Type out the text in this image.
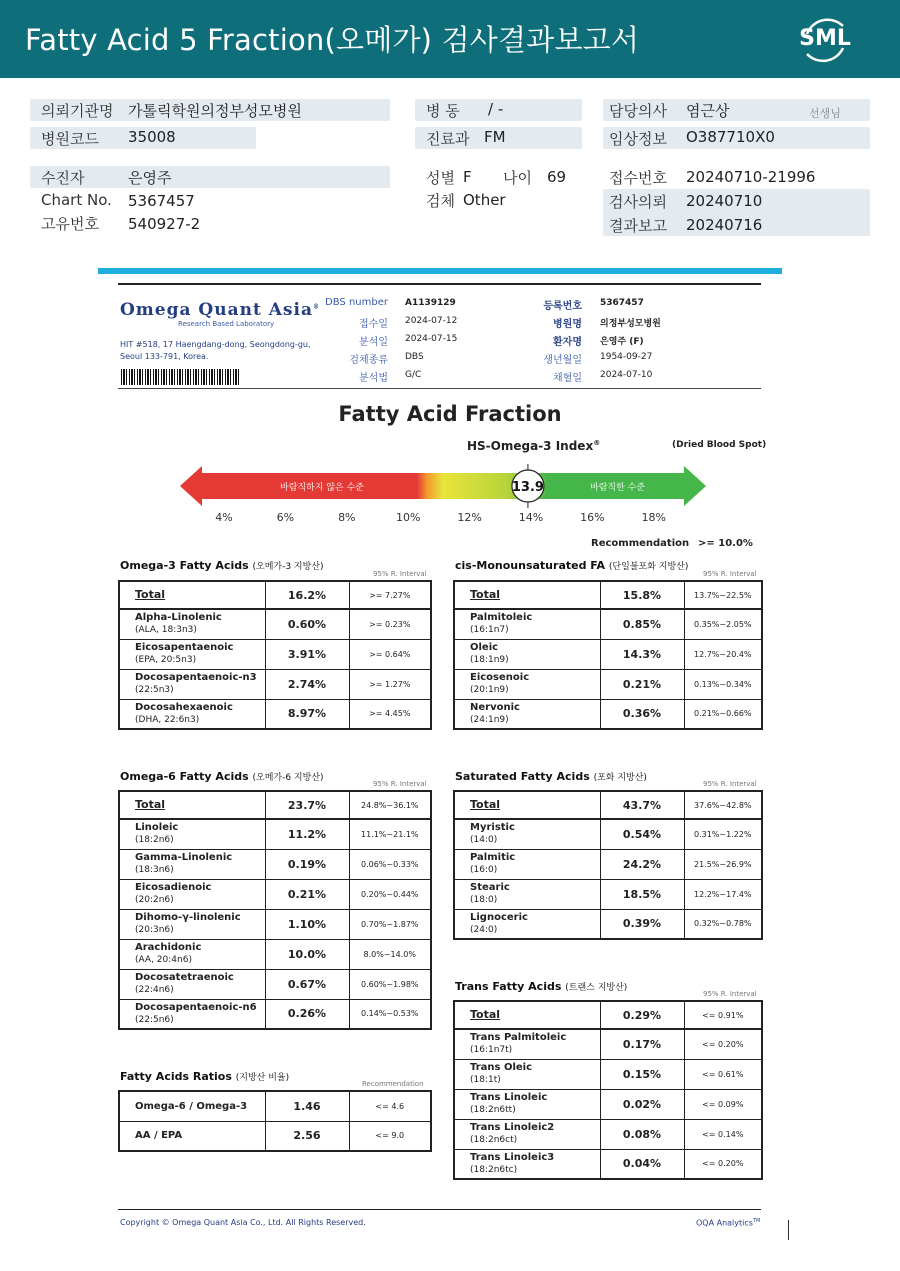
Fatty Acid 5 Fraction(오메가) 검사결과보고서	SML
의뢰기관명 가톨릭학원의정부성모병원
병원코드 35008
병 동 / -
진료과 FM
담당의사 염근상	선생님
임상정보 O387710X0
수진자	은영주
Chart No. 5367457
고유번호 540927-2
성별 F 나이 69
검체 Other
접수번호 20240710-21996
검사의뢰 20240710
결과보고 20240716
Omega Quant Asia®
Research Based Laboratory
HIT #518, 17 Haengdang-dong, Seongdong-gu, Seoul 133-791, Korea.
DBS number A1139129
접수일 2024-07-12
분석일 2024-07-15
검체종류 DBS
분석법 G/C
등록번호 5367457
병원명 의정부성모병원
환자명 은영주 (F)
생년월일 1954-09-27
채혈일 2024-07-10
Fatty Acid Fraction
HS-Omega-3 Index®	(Dried Blood Spot)
바람직하지 않은 수준	바람직한 수준
13.9
4%	6%	8%	10%	12%	14%	16%	18%
Recommendation >= 10.0%
Omega-3 Fatty Acids (오메가-3 지방산)
95% R. Interval
cis-Monounsaturated FA (단일불포화 지방산)
95% R. Interval
Omega-6 Fatty Acids (오메가-6 지방산)
95% R. Interval
Saturated Fatty Acids (포화 지방산)
95% R. Interval
Trans Fatty Acids (트랜스 지방산)
95% R. Interval
Fatty Acids Ratios (지방산 비율)
Recommendation
Total	16.2%	>= 7.27%

Alpha-Linolenic
(ALA, 18:3n3)	0.60%	>= 0.23%

Eicosapentaenoic
(EPA, 20:5n3)	3.91%	>= 0.64%

Docosapentaenoic-n3
(22:5n3)	2.74%	>= 1.27%

Docosahexaenoic
(DHA, 22:6n3)	8.97%	>= 4.45%
Total	15.8%	13.7%~22.5%

Palmitoleic
(16:1n7)	0.85%	0.35%~2.05%

Oleic
(18:1n9)	14.3%	12.7%~20.4%

Eicosenoic
(20:1n9)	0.21%	0.13%~0.34%

Nervonic
(24:1n9)	0.36%	0.21%~0.66%
Total	23.7%	24.8%~36.1%

Linoleic
(18:2n6)	11.2%	11.1%~21.1%

Gamma-Linolenic
(18:3n6)	0.19%	0.06%~0.33%

Eicosadienoic
(20:2n6)	0.21%	0.20%~0.44%

Dihomo-γ-linolenic
(20:3n6)	1.10%	0.70%~1.87%

Arachidonic
(AA, 20:4n6)	10.0%	8.0%~14.0%

Docosatetraenoic
(22:4n6)	0.67%	0.60%~1.98%

Docosapentaenoic-n6
(22:5n6)	0.26%	0.14%~0.53%
Total	43.7%	37.6%~42.8%

Myristic
(14:0)	0.54%	0.31%~1.22%

Palmitic
(16:0)	24.2%	21.5%~26.9%

Stearic
(18:0)	18.5%	12.2%~17.4%

Lignoceric
(24:0)	0.39%	0.32%~0.78%
Total	0.29%	<= 0.91%

Trans Palmitoleic
(16:1n7t)	0.17%	<= 0.20%

Trans Oleic
(18:1t)	0.15%	<= 0.61%

Trans Linoleic
(18:2n6tt)	0.02%	<= 0.09%

Trans Linoleic2
(18:2n6ct)	0.08%	<= 0.14%

Trans Linoleic3
(18:2n6tc)	0.04%	<= 0.20%
Omega-6 / Omega-3	1.46	<= 4.6

AA / EPA	2.56	<= 9.0
Copyright © Omega Quant Asia Co., Ltd. All Rights Reserved.	OQA Analytics™
